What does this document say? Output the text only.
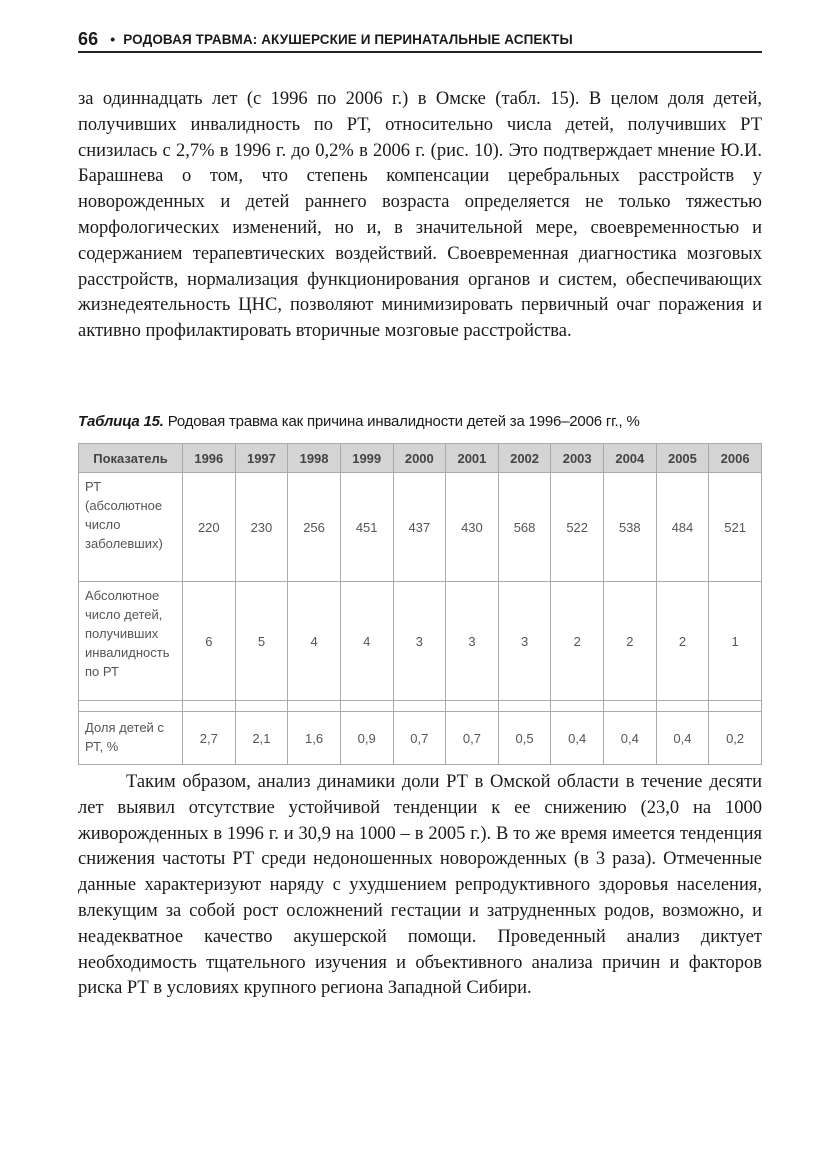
66 • РОДОВАЯ ТРАВМА: АКУШЕРСКИЕ И ПЕРИНАТАЛЬНЫЕ АСПЕКТЫ

за одиннадцать лет (с 1996 по 2006 г.) в Омске (табл. 15). В целом доля детей, получивших инвалидность по РТ, относительно числа детей, получивших РТ снизилась с 2,7% в 1996 г. до 0,2% в 2006 г. (рис. 10). Это подтверждает мнение Ю.И. Барашнева о том, что степень компенсации церебральных расстройств у новорожденных и детей раннего возраста определяется не только тяжестью морфологических изменений, но и, в значительной мере, своевременностью и содержанием терапевтических воздействий. Своевременная диагностика мозговых расстройств, нормализация функционирования органов и систем, обеспечивающих жизнедеятельность ЦНС, позволяют минимизировать первичный очаг поражения и активно профилактировать вторичные мозговые расстройства.

Таблица 15. Родовая травма как причина инвалидности детей за 1996–2006 гг., %
Показатель	1996	1997	1998	1999	2000	2001	2002	2003	2004	2005	2006
РТ (абсолютное число заболевших)	220	230	256	451	437	430	568	522	538	484	521
Абсолютное число детей, получивших инвалидность по РТ	6	5	4	4	3	3	3	2	2	2	1

Доля детей с РТ, %	2,7	2,1	1,6	0,9	0,7	0,7	0,5	0,4	0,4	0,4	0,2

Таким образом, анализ динамики доли РТ в Омской области в течение десяти лет выявил отсутствие устойчивой тенденции к ее снижению (23,0 на 1000 живорожденных в 1996 г. и 30,9 на 1000 – в 2005 г.). В то же время имеется тенденция снижения частоты РТ среди недоношенных новорожденных (в 3 раза). Отмеченные данные характеризуют наряду с ухудшением репродуктивного здоровья населения, влекущим за собой рост осложнений гестации и затрудненных родов, возможно, и неадекватное качество акушерской помощи. Проведенный анализ диктует необходимость тщательного изучения и объективного анализа причин и факторов риска РТ в условиях крупного региона Западной Сибири.
